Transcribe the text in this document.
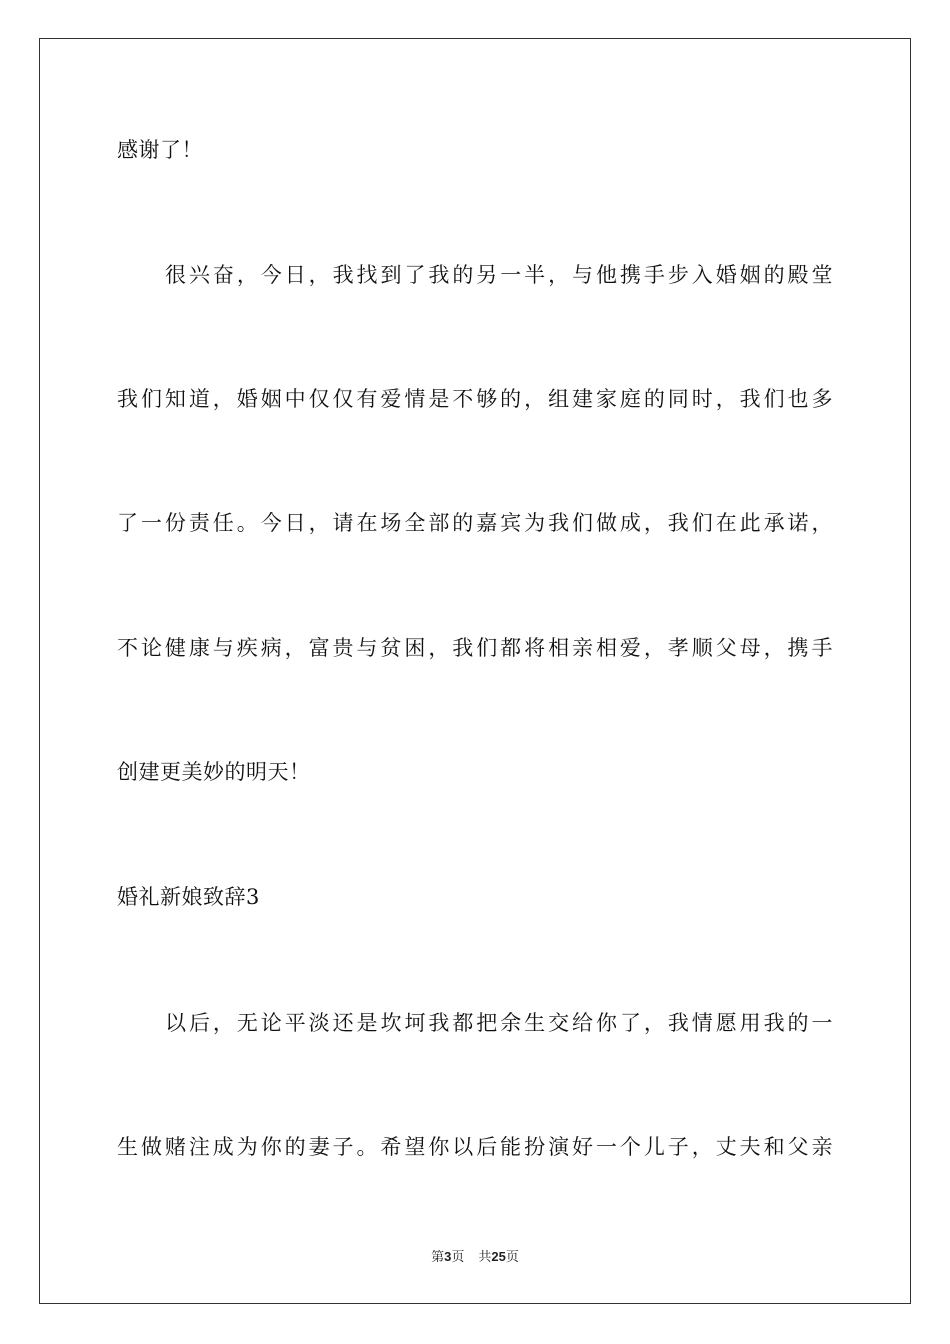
感谢了！
很兴奋，今日，我找到了我的另一半，与他携手步入婚姻的殿堂
我们知道，婚姻中仅仅有爱情是不够的，组建家庭的同时，我们也多
了一份责任。今日，请在场全部的嘉宾为我们做成，我们在此承诺，
不论健康与疾病，富贵与贫困，我们都将相亲相爱，孝顺父母，携手
创建更美妙的明天！
婚礼新娘致辞3
以后，无论平淡还是坎坷我都把余生交给你了，我情愿用我的一
生做赌注成为你的妻子。希望你以后能扮演好一个儿子，丈夫和父亲
第3页 共25页
